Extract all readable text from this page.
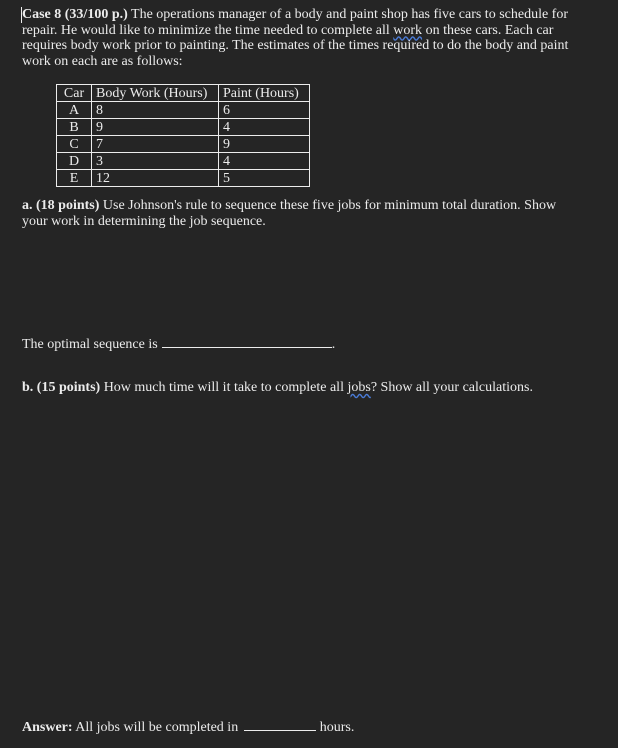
Case 8 (33/100 p.) The operations manager of a body and paint shop has five cars to schedule for repair. He would like to minimize the time needed to complete all work on these cars. Each car requires body work prior to painting. The estimates of the times required to do the body and paint work on each are as follows:

Car	Body Work (Hours)	Paint (Hours)
A	8	6
B	9	4
C	7	9
D	3	4
E	12	5

a. (18 points) Use Johnson's rule to sequence these five jobs for minimum total duration. Show your work in determining the job sequence.

The optimal sequence is	.

b. (15 points) How much time will it take to complete all jobs? Show all your calculations.

Answer: All jobs will be completed in	hours.
